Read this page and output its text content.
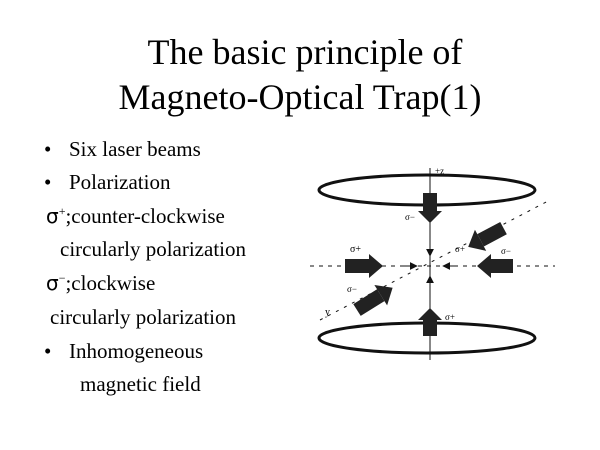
The basic principle of
Magneto-Optical Trap(1)
• Six laser beams
• Polarization
σ+;counter-clockwise
circularly polarization
σ−;clockwise
circularly polarization
• Inhomogeneous
magnetic field
+z
y
σ+
σ−
σ+
σ−
σ−
σ+
